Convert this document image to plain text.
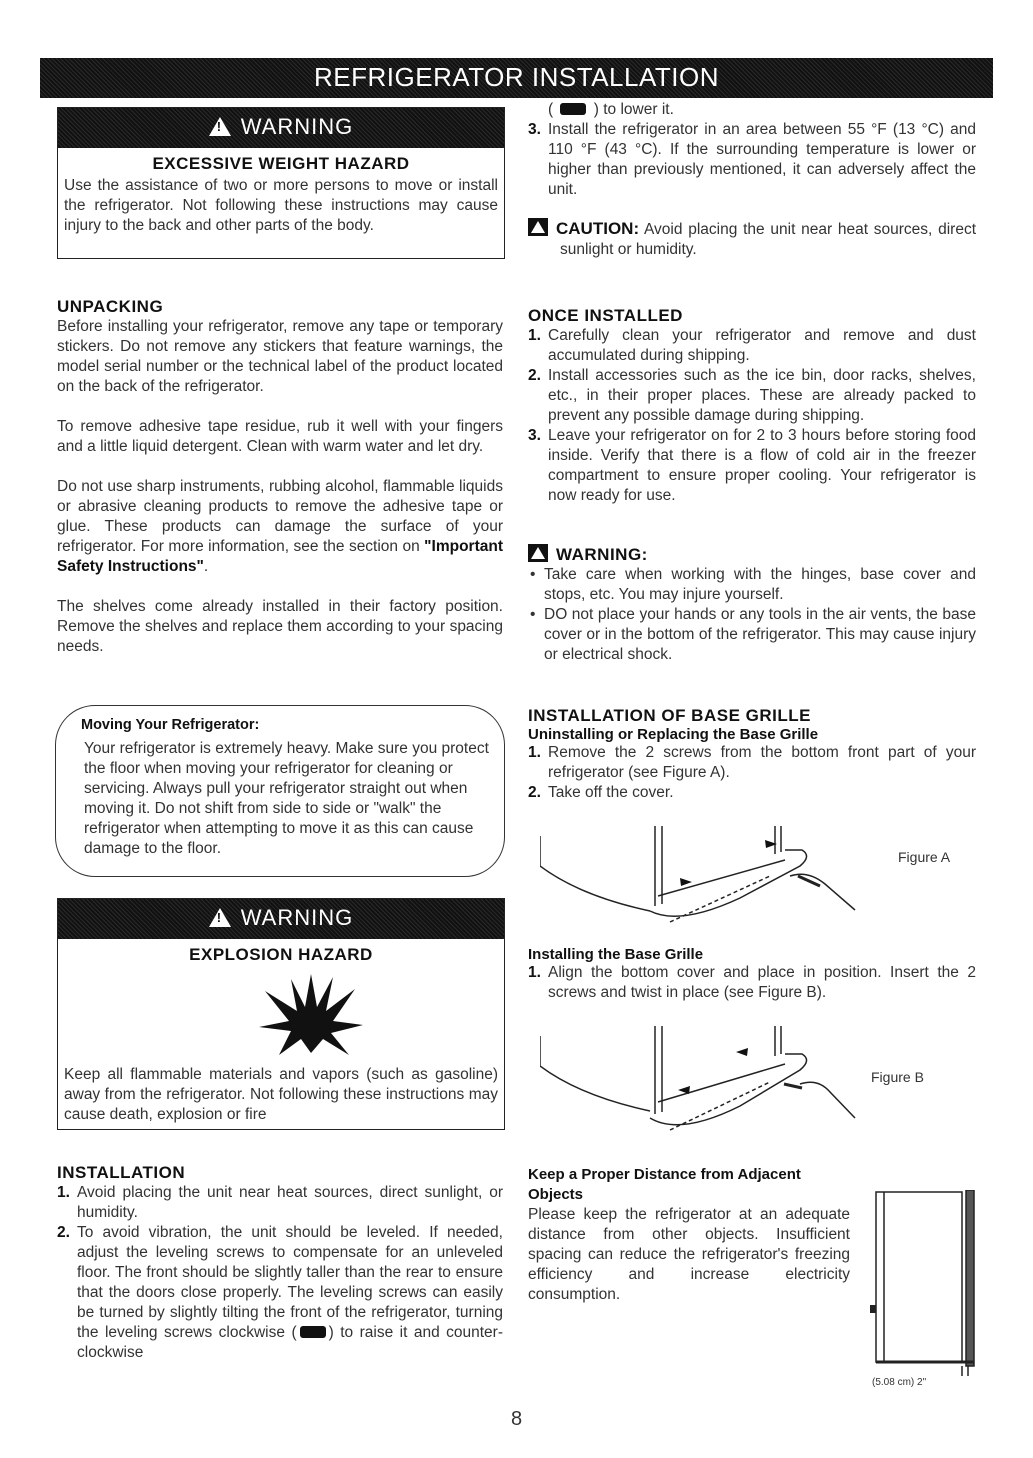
REFRIGERATOR INSTALLATION
!WARNING
EXCESSIVE WEIGHT HAZARD

Use the assistance of two or more persons to move or install the refrigerator. Not following these instructions may cause injury to the back and other parts of the body.

UNPACKING

Before installing your refrigerator, remove any tape or temporary stickers. Do not remove any stickers that feature warnings, the model serial number or the technical label of the product located on the back of the refrigerator.

To remove adhesive tape residue, rub it well with your fingers and a little liquid detergent. Clean with warm water and let dry.

Do not use sharp instruments, rubbing alcohol, flammable liquids or abrasive cleaning products to remove the adhesive tape or glue. These products can damage the surface of your refrigerator. For more information, see the section on "Important Safety Instructions".

The shelves come already installed in their factory position. Remove the shelves and replace them according to your spacing needs.

Moving Your Refrigerator:

Your refrigerator is extremely heavy. Make sure you protect the floor when moving your refrigerator for cleaning or servicing. Always pull your refrigerator straight out when moving it. Do not shift from side to side or "walk" the refrigerator when attempting to move it as this can cause damage to the floor.

!WARNING
EXPLOSION HAZARD

Keep all flammable materials and vapors (such as gasoline) away from the refrigerator. Not following these instructions may cause death, explosion or fire

INSTALLATION
1. Avoid placing the unit near heat sources, direct sunlight, or humidity.
2. To avoid vibration, the unit should be leveled. If needed, adjust the leveling screws to compensate for an unleveled floor. The front should be slightly taller than the rear to ensure that the doors close properly. The leveling screws can easily be turned by slightly tilting the front of the refrigerator, turning the leveling screws clockwise ( ) to raise it and counter-clockwise

(  ) to lower it.

3. Install the refrigerator in an area between 55 °F (13 °C) and 110 °F (43 °C). If the surrounding temperature is lower or higher than previously mentioned, it can adversely affect the unit.

CAUTION: Avoid placing the unit near heat sources, direct sunlight or humidity.

ONCE INSTALLED
1. Carefully clean your refrigerator and remove and dust accumulated during shipping.
2. Install accessories such as the ice bin, door racks, shelves, etc., in their proper places. These are already packed to prevent any possible damage during shipping.
3. Leave your refrigerator on for 2 to 3 hours before storing food inside. Verify that there is a flow of cold air in the freezer compartment to ensure proper cooling. Your refrigerator is now ready for use.
WARNING:
• Take care when working with the hinges, base cover and stops, etc. You may injure yourself.
• DO not place your hands or any tools in the air vents, the base cover or in the bottom of the refrigerator. This may cause injury or electrical shock.
INSTALLATION OF BASE GRILLE
Uninstalling or Replacing the Base Grille
1. Remove the 2 screws from the bottom front part of your refrigerator (see Figure A).
2. Take off the cover.
Figure A
Installing the Base Grille
1. Align the bottom cover and place in position. Insert the 2 screws and twist in place (see Figure B).
Figure B
Keep a Proper Distance from Adjacent Objects

Please keep the refrigerator at an adequate distance from other objects. Insufficient spacing can reduce the refrigerator's freezing efficiency and increase electricity consumption.

(5.08 cm) 2"
8
